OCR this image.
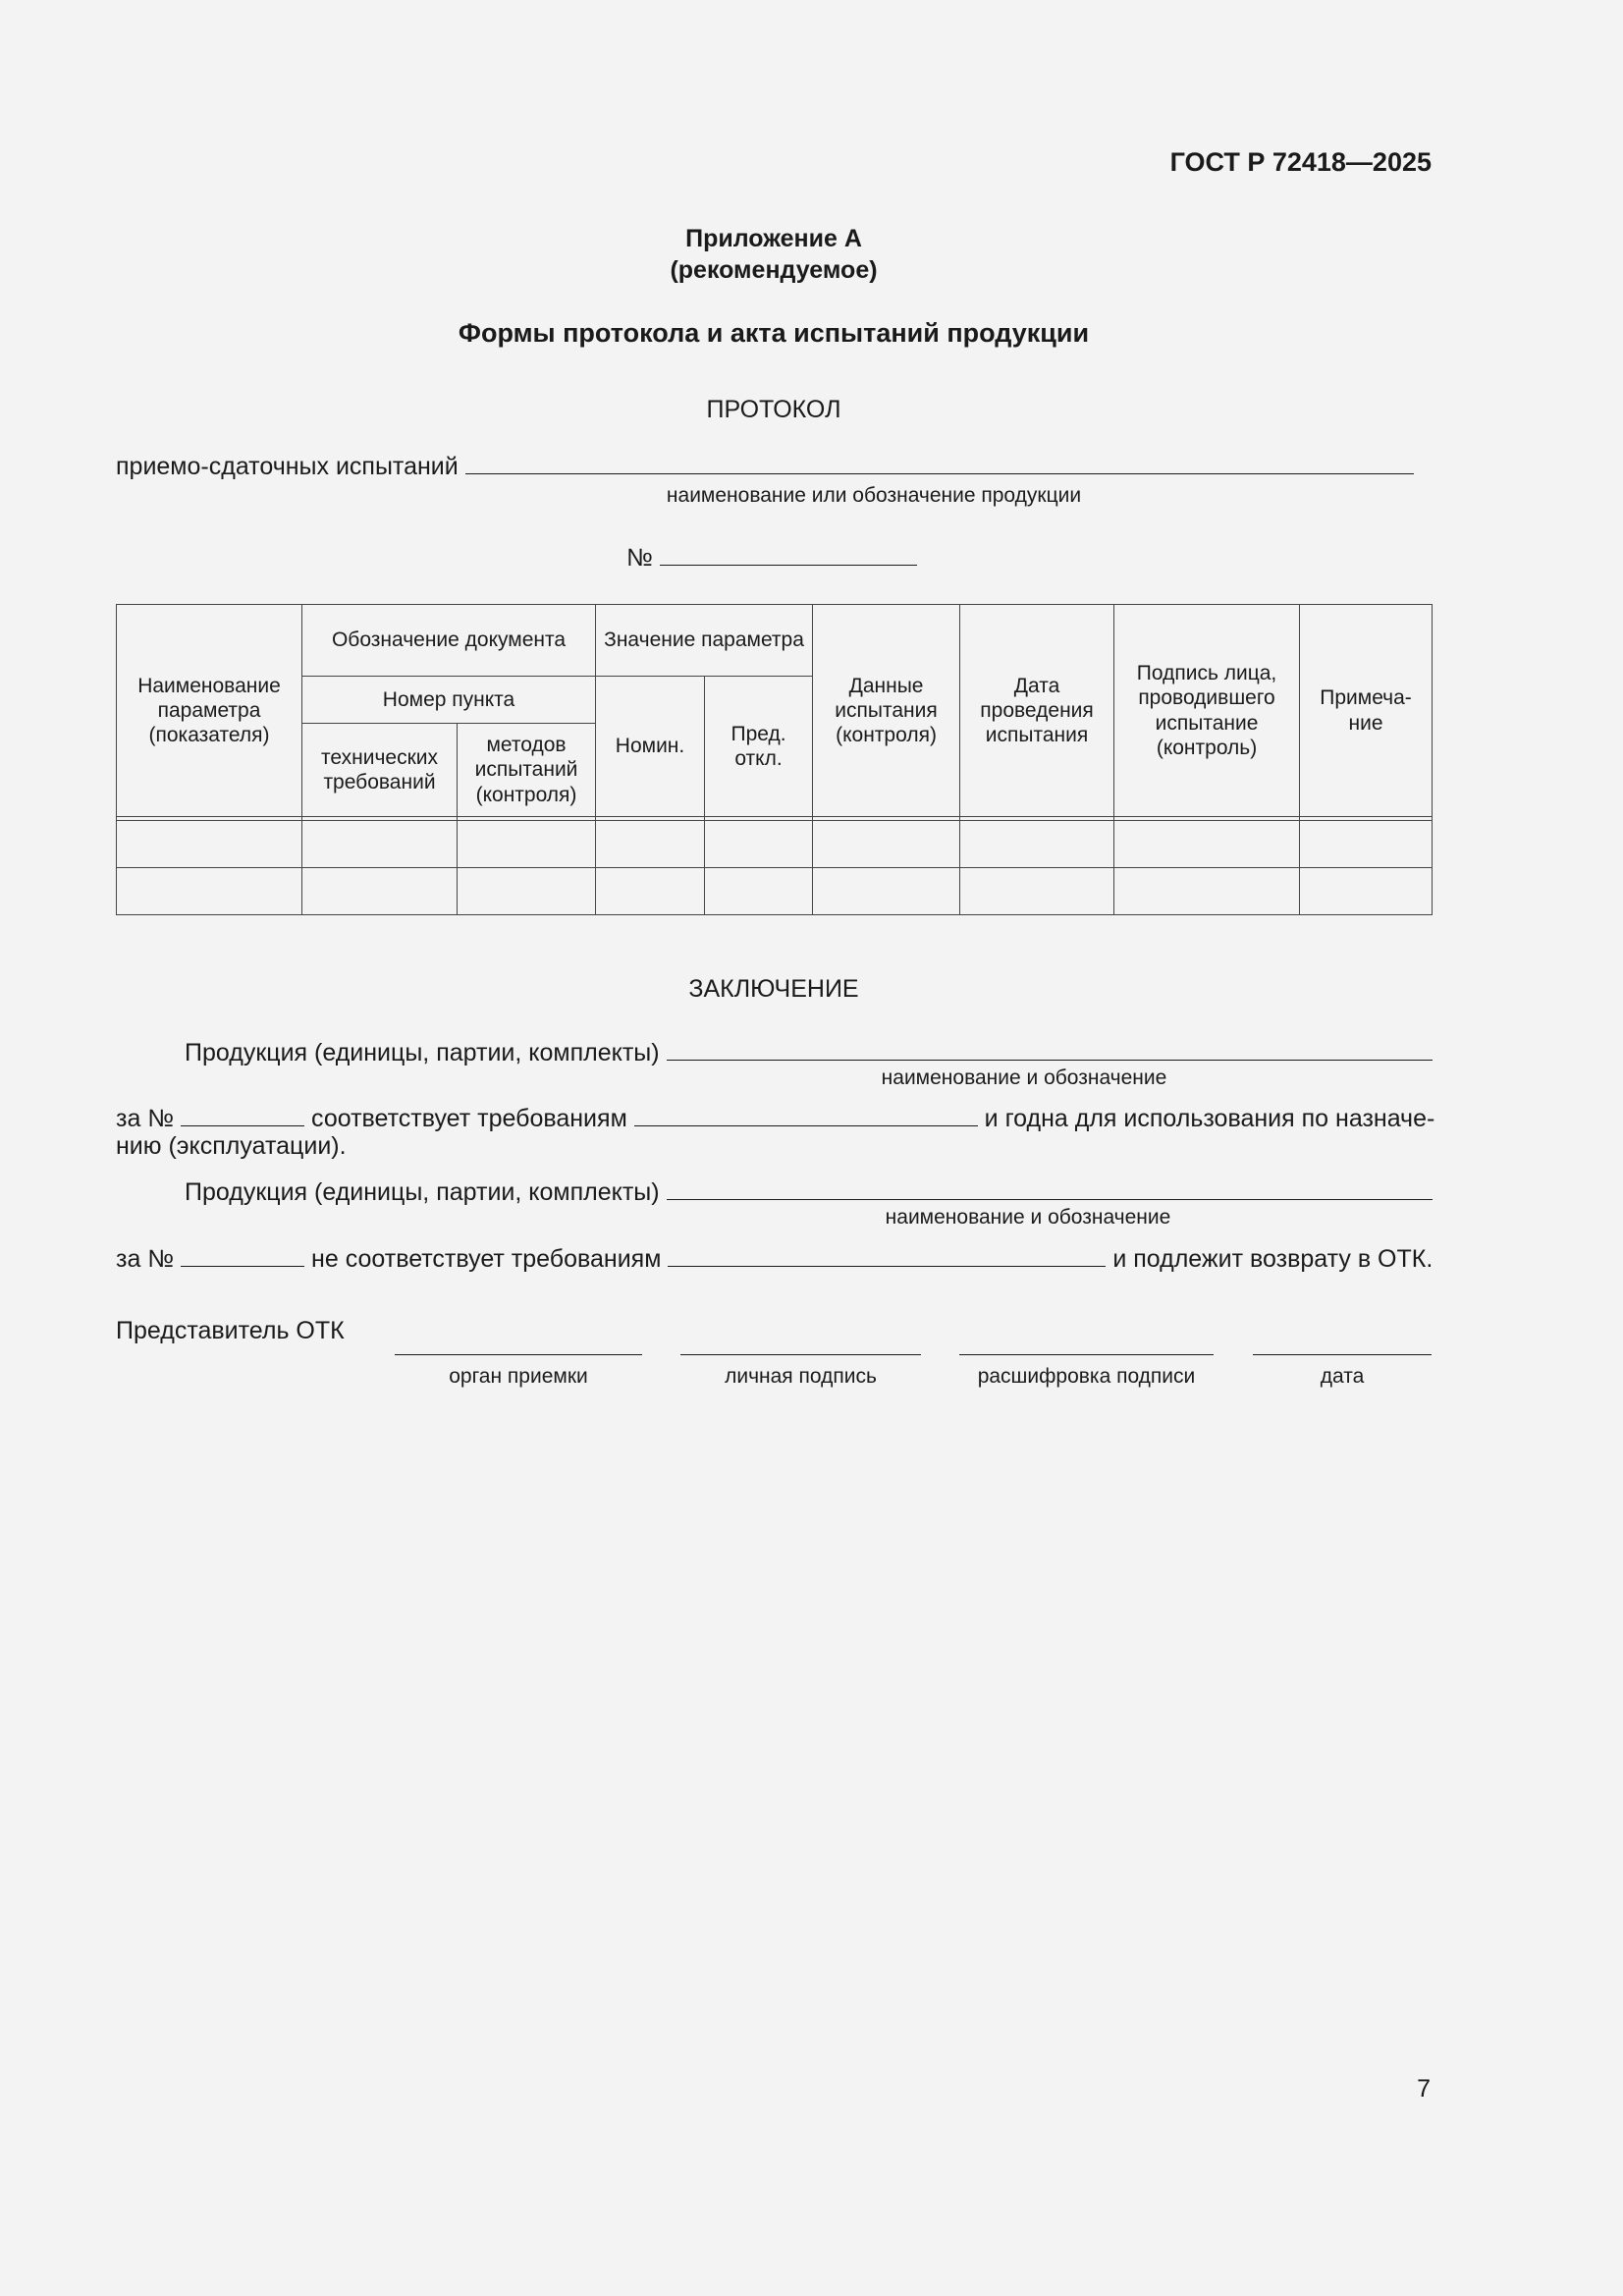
ГОСТ Р 72418—2025
Приложение А
(рекомендуемое)
Формы протокола и акта испытаний продукции
ПРОТОКОЛ
приемо-сдаточных испытаний
наименование или обозначение продукции
№
Наименование параметра (показателя)	Обозначение документа		Значение параметра		Данные испытания (контроля)	Дата проведения испытания	Подпись лица, проводившего испытание (контроль)	Примеча-ние
	Номер пункта		Номин.	Пред. откл.				
	технических требований	методов испытаний (контроля)						

ЗАКЛЮЧЕНИЕ
Продукция (единицы, партии, комплекты)
наименование и обозначение
за №	соответствует требованиям	и годна для использования по назначе-
нию (эксплуатации).
Продукция (единицы, партии, комплекты)
наименование и обозначение
за №	не соответствует требованиям	и подлежит возврату в ОТК.
Представитель ОТК
орган приемки	личная подпись	расшифровка подписи	дата
7
